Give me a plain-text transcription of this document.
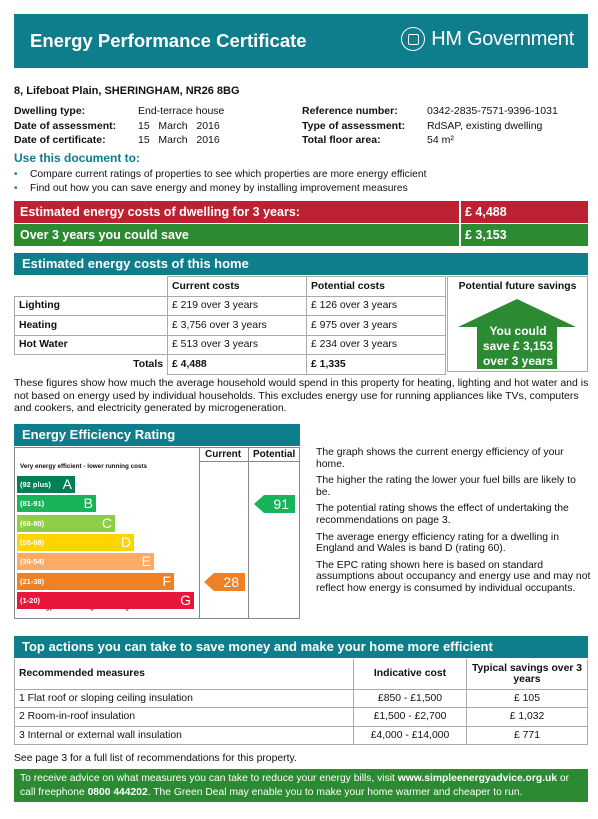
Energy Performance Certificate	HM Government
8, Lifeboat Plain, SHERINGHAM, NR26 8BG
Dwelling type:	End-terrace house
Date of assessment: 15   March   2016
Date of certificate:	15   March   2016
Reference number:	0342-2835-7571-9396-1031
Type of assessment: RdSAP, existing dwelling
Total floor area:	54 m²
Use this document to:
•	Compare current ratings of properties to see which properties are more energy efficient
•	Find out how you can save energy and money by installing improvement measures
Estimated energy costs of dwelling for 3 years:	£ 4,488
Over 3 years you could save	£ 3,153
Estimated energy costs of this home
	Current costs	Potential costs
Lighting	£ 219 over 3 years	£ 126 over 3 years
Heating	£ 3,756 over 3 years	£ 975 over 3 years
Hot Water	£ 513 over 3 years	£ 234 over 3 years
Totals	£ 4,488	£ 1,335
Potential future savings
You could
save £ 3,153
over 3 years
These figures show how much the average household would spend in this property for heating, lighting and hot water and is not based on energy used by individual households. This excludes energy use for running appliances like TVs, computers and cookers, and electricity generated by microgeneration.
Energy Efficiency Rating
Current Potential
Very energy efficient - lower running costs
(92 plus) A
(81-91)	B
(69-80)	C
(55-68)	D
(39-54)	E
(21-38)	F
(1-20)	G
28
91

The graph shows the current energy efficiency of your home.

The higher the rating the lower your fuel bills are likely to be.

The potential rating shows the effect of undertaking the recommendations on page 3.

The average energy efficiency rating for a dwelling in England and Wales is band D (rating 60).

The EPC rating shown here is based on standard assumptions about occupancy and energy use and may not reflect how energy is consumed by individual occupants.

Top actions you can take to save money and make your home more efficient
Recommended measures	Indicative cost	Typical savings over 3 years
1 Flat roof or sloping ceiling insulation	£850 - £1,500	£ 105
2 Room-in-roof insulation	£1,500 - £2,700	£ 1,032
3 Internal or external wall insulation	£4,000 - £14,000	£ 771
See page 3 for a full list of recommendations for this property.
To receive advice on what measures you can take to reduce your energy bills, visit www.simpleenergyadvice.org.uk or
call freephone 0800 444202. The Green Deal may enable you to make your home warmer and cheaper to run.
